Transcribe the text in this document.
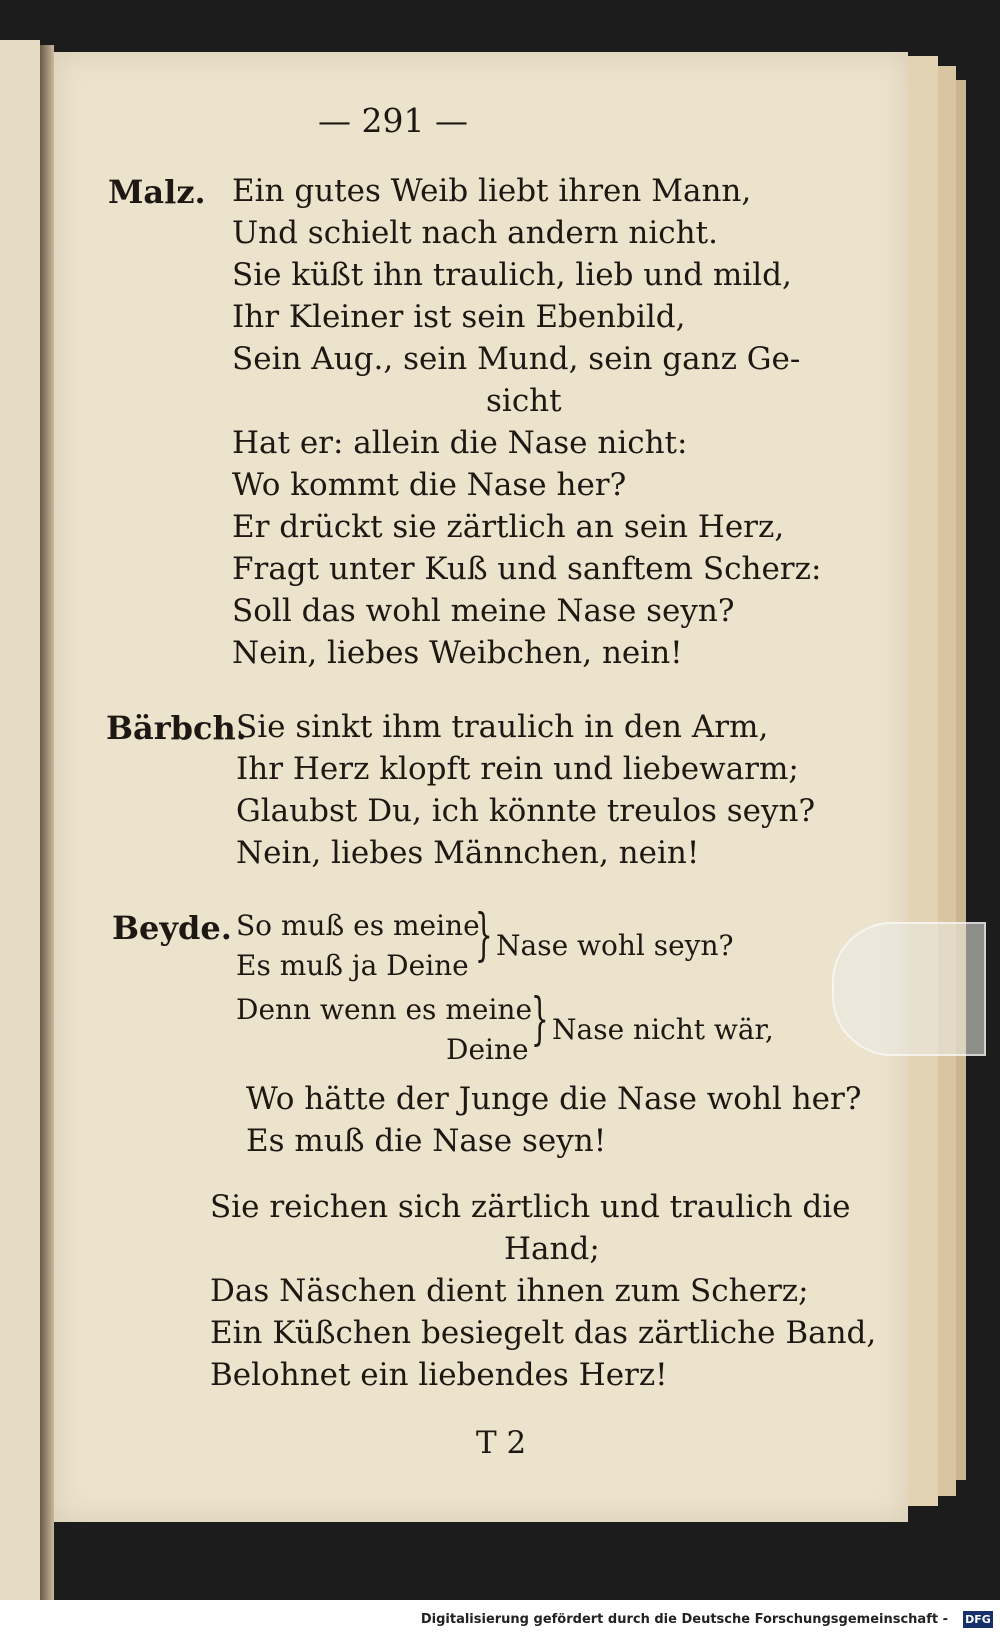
— 291 —
Malz. Ein gutes Weib liebt ihren Mann,
Und schielt nach andern nicht.
Sie küßt ihn traulich, lieb und mild,
Ihr Kleiner ist sein Ebenbild,
Sein Aug., sein Mund, sein ganz Ge-
sicht
Hat er: allein die Nase nicht:
Wo kommt die Nase her?
Er drückt sie zärtlich an sein Herz,
Fragt unter Kuß und sanftem Scherz:
Soll das wohl meine Nase seyn?
Nein, liebes Weibchen, nein!
Bärbch.
Sie sinkt ihm traulich in den Arm,
Ihr Herz klopft rein und liebewarm;
Glaubst Du, ich könnte treulos seyn?
Nein, liebes Männchen, nein!
Beyde. So muß es meine
Es muß ja Deine } Nase wohl seyn?
Denn wenn es meine
Deine } Nase nicht wär,
Wo hätte der Junge die Nase wohl her?
Es muß die Nase seyn!
Sie reichen sich zärtlich und traulich die
Hand;
Das Näschen dient ihnen zum Scherz;
Ein Küßchen besiegelt das zärtliche Band,
Belohnet ein liebendes Herz!
T 2
Digitalisierung gefördert durch die Deutsche Forschungsgemeinschaft - DFG
